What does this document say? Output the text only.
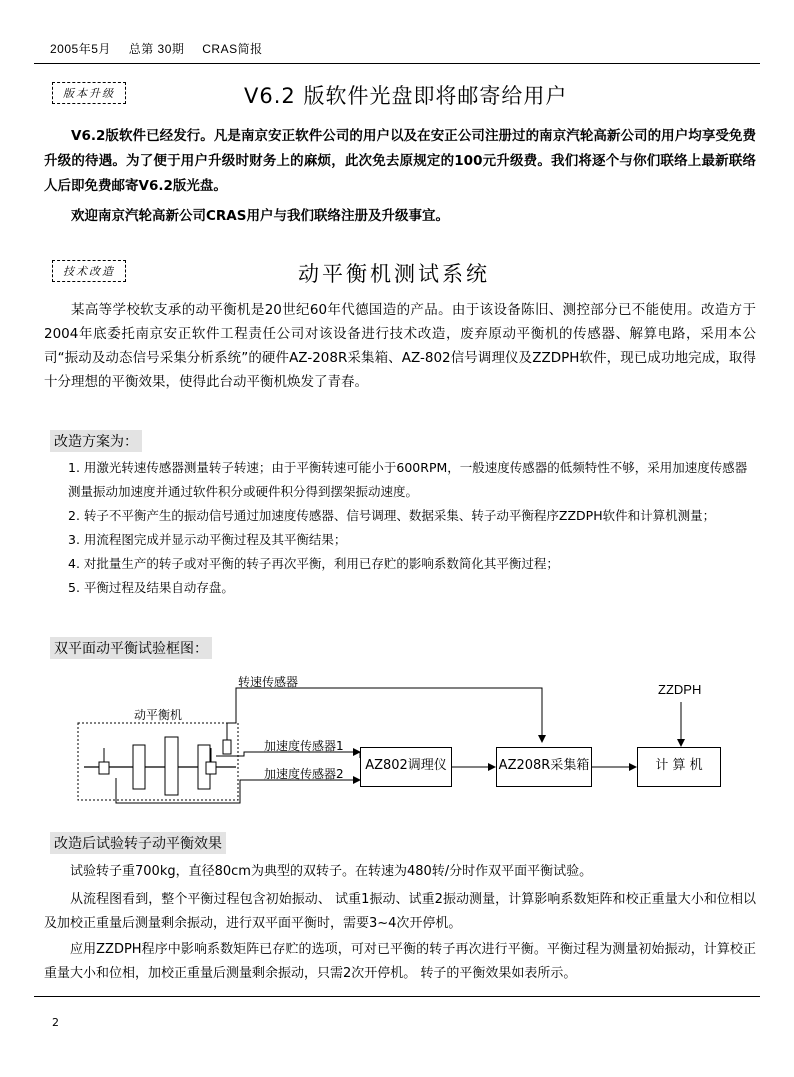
2005年5月 总第 30期 CRAS简报
版本升级	V6.2 版软件光盘即将邮寄给用户
V6.2版软件已经发行。凡是南京安正软件公司的用户以及在安正公司注册过的南京汽轮高新公司的用户均享受免费升级的待遇。为了便于用户升级时财务上的麻烦，此次免去原规定的100元升级费。我们将逐个与你们联络上最新联络人后即免费邮寄V6.2版光盘。
欢迎南京汽轮高新公司CRAS用户与我们联络注册及升级事宜。
技术改造	动平衡机测试系统
某高等学校软支承的动平衡机是20世纪60年代德国造的产品。由于该设备陈旧、测控部分已不能使用。改造方于2004年底委托南京安正软件工程责任公司对该设备进行技术改造，废弃原动平衡机的传感器、解算电路，采用本公司“振动及动态信号采集分析系统”的硬件AZ-208R采集箱、AZ-802信号调理仪及ZZDPH软件，现已成功地完成，取得十分理想的平衡效果，使得此台动平衡机焕发了青春。
改造方案为：
1. 用激光转速传感器测量转子转速；由于平衡转速可能小于600RPM，一般速度传感器的低频特性不够，采用加速度传感器测量振动加速度并通过软件积分或硬件积分得到摆架振动速度。
2. 转子不平衡产生的振动信号通过加速度传感器、信号调理、数据采集、转子动平衡程序ZZDPH软件和计算机测量；
3. 用流程图完成并显示动平衡过程及其平衡结果；
4. 对批量生产的转子或对平衡的转子再次平衡，利用已存贮的影响系数简化其平衡过程；
5. 平衡过程及结果自动存盘。
双平面动平衡试验框图：
转速传感器	ZZDPH
动平衡机
加速度传感器1
加速度传感器2
AZ802调理仪	AZ208R采集箱	计 算 机
改造后试验转子动平衡效果
试验转子重700kg，直径80cm为典型的双转子。在转速为480转/分时作双平面平衡试验。
从流程图看到，整个平衡过程包含初始振动、 试重1振动、试重2振动测量，计算影响系数矩阵和校正重量大小和位相以及加校正重量后测量剩余振动，进行双平面平衡时，需要3~4次开停机。
应用ZZDPH程序中影响系数矩阵已存贮的选项，可对已平衡的转子再次进行平衡。平衡过程为测量初始振动，计算校正重量大小和位相，加校正重量后测量剩余振动，只需2次开停机。 转子的平衡效果如表所示。
2
